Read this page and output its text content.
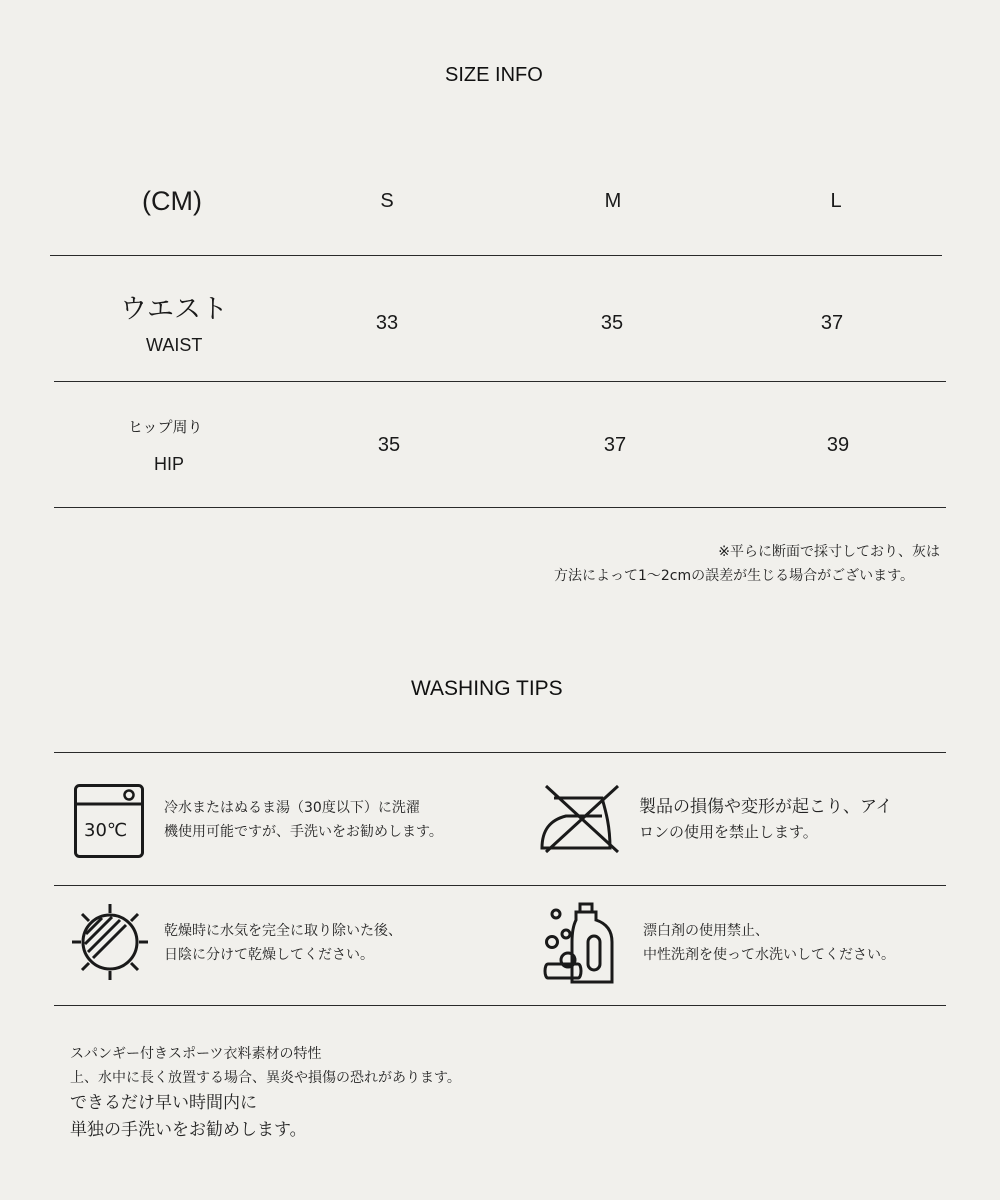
SIZE INFO
(CM)	S	M	L
ウエスト
WAIST
33	35	37
ヒップ周り
HIP
35	37	39
※平らに断面で採寸しており、灰は
方法によって1～2cmの誤差が生じる場合がございます。
WASHING TIPS
30℃
冷水またはぬるま湯（30度以下）に洗濯
機使用可能ですが、手洗いをお勧めします。
製品の損傷や変形が起こり、アイ
ロンの使用を禁止します。
乾燥時に水気を完全に取り除いた後、
日陰に分けて乾燥してください。
漂白剤の使用禁止、
中性洗剤を使って水洗いしてください。
スパンギー付きスポーツ衣料素材の特性
上、水中に長く放置する場合、異炎や損傷の恐れがあります。
できるだけ早い時間内に
単独の手洗いをお勧めします。
